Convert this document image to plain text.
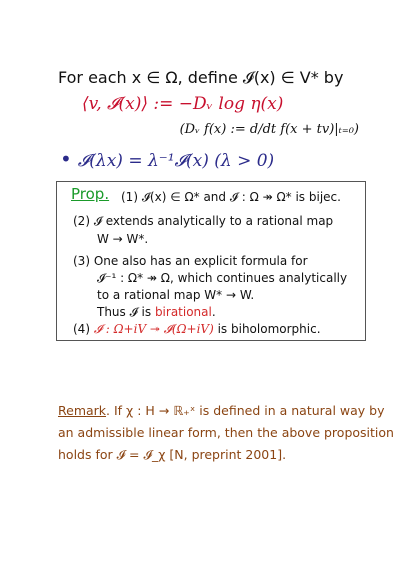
For each x ∈ Ω, define 𝓘(x) ∈ V* by
⟨v, 𝓘(x)⟩ := −Dᵥ log η(x)
(Dᵥ f(x) := d/dt f(x + tv)|ₜ₌₀)
• 𝓘(λx) = λ⁻¹𝓘(x) (λ > 0)
Prop. (1) 𝓘(x) ∈ Ω* and 𝓘 : Ω ↠ Ω* is bijec.
(2) 𝓘 extends analytically to a rational map
W → W*.
(3) One also has an explicit formula for
𝓘⁻¹ : Ω* ↠ Ω, which continues analytically
to a rational map W* → W.
Thus 𝓘 is birational.
(4) 𝓘 : Ω+iV ↠ 𝓘(Ω+iV) is biholomorphic.
Remark. If χ : H → ℝ₊ˣ is defined in a natural way by
an admissible linear form, then the above proposition
holds for 𝓘 = 𝓘_χ [N, preprint 2001].
